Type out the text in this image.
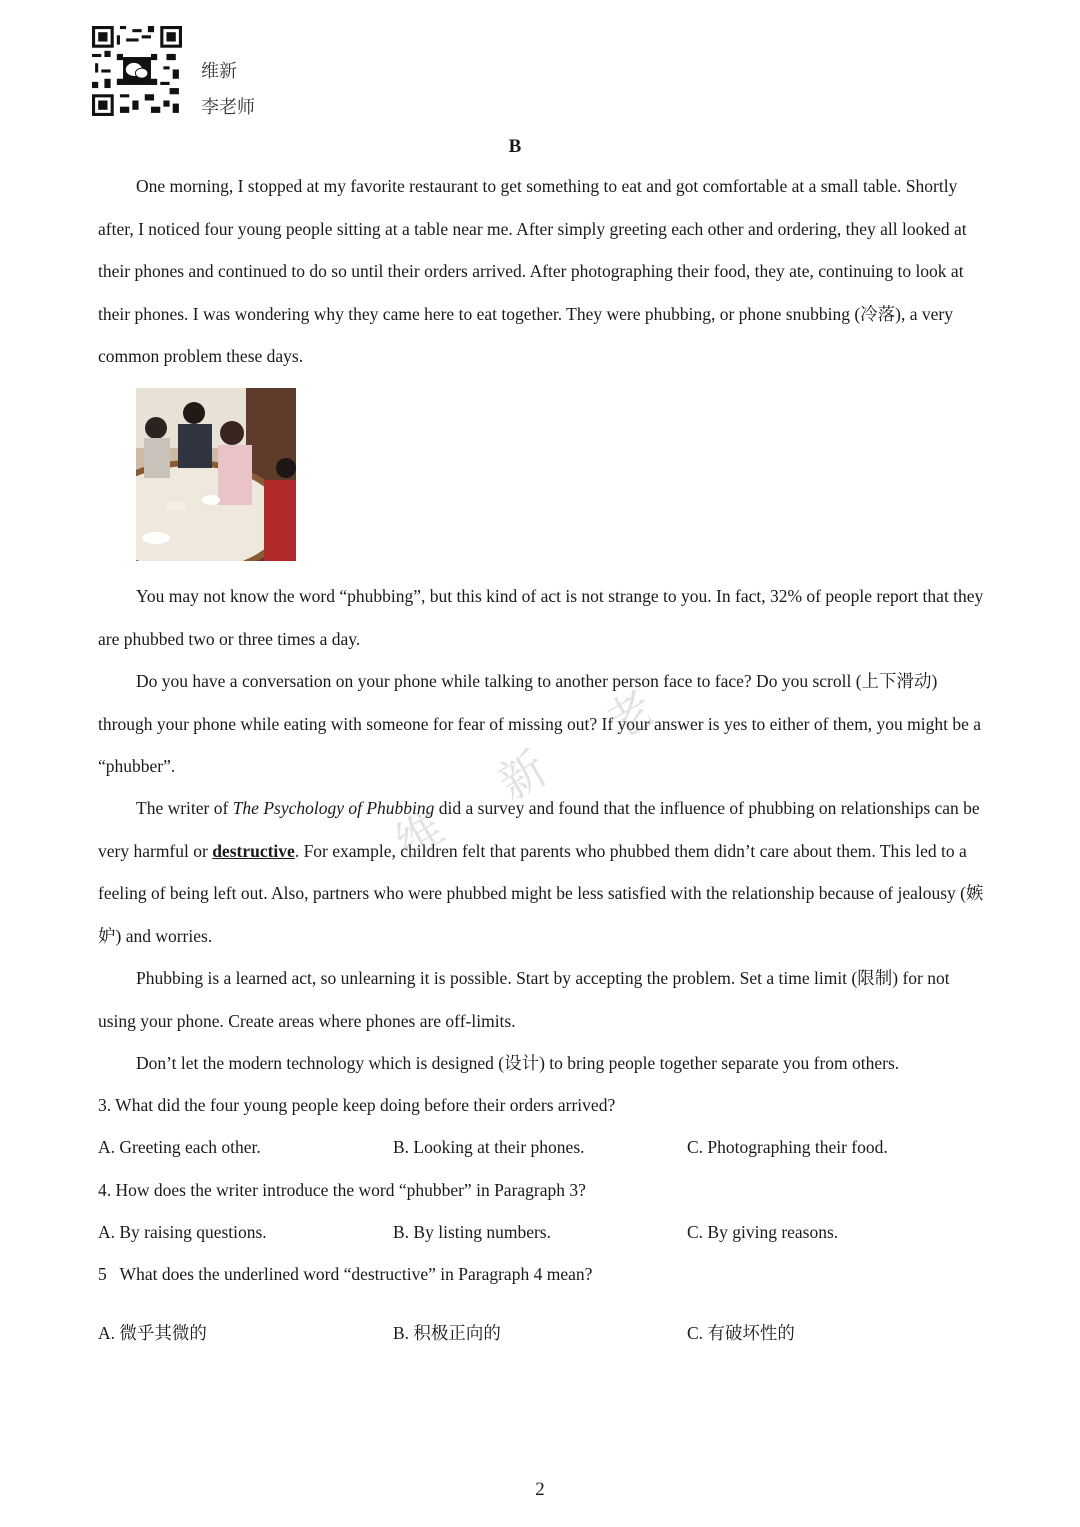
维新
李老师
B

One morning, I stopped at my favorite restaurant to get something to eat and got comfortable at a small table. Shortly after, I noticed four young people sitting at a table near me. After simply greeting each other and ordering, they all looked at their phones and continued to do so until their orders arrived. After photographing their food, they ate, continuing to look at their phones. I was wondering why they came here to eat together. They were phubbing, or phone snubbing (冷落), a very common problem these days.

You may not know the word “phubbing”, but this kind of act is not strange to you. In fact, 32% of people report that they are phubbed two or three times a day.

Do you have a conversation on your phone while talking to another person face to face? Do you scroll (上下滑动) through your phone while eating with someone for fear of missing out? If your answer is yes to either of them, you might be a “phubber”.

The writer of The Psychology of Phubbing did a survey and found that the influence of phubbing on relationships can be very harmful or destructive. For example, children felt that parents who phubbed them didn’t care about them. This led to a feeling of being left out. Also, partners who were phubbed might be less satisfied with the relationship because of jealousy (嫉妒) and worries.

Phubbing is a learned act, so unlearning it is possible. Start by accepting the problem. Set a time limit (限制) for not using your phone. Create areas where phones are off-limits.

Don’t let the modern technology which is designed (设计) to bring people together separate you from others.

3. What did the four young people keep doing before their orders arrived?
A. Greeting each other.	B. Looking at their phones.	C. Photographing their food.
4. How does the writer introduce the word “phubber” in Paragraph 3?
A. By raising questions.	B. By listing numbers.	C. By giving reasons.
5   What does the underlined word “destructive” in Paragraph 4 mean?
A. 微乎其微的	B. 积极正向的	C. 有破坏性的
维
新
老
2
